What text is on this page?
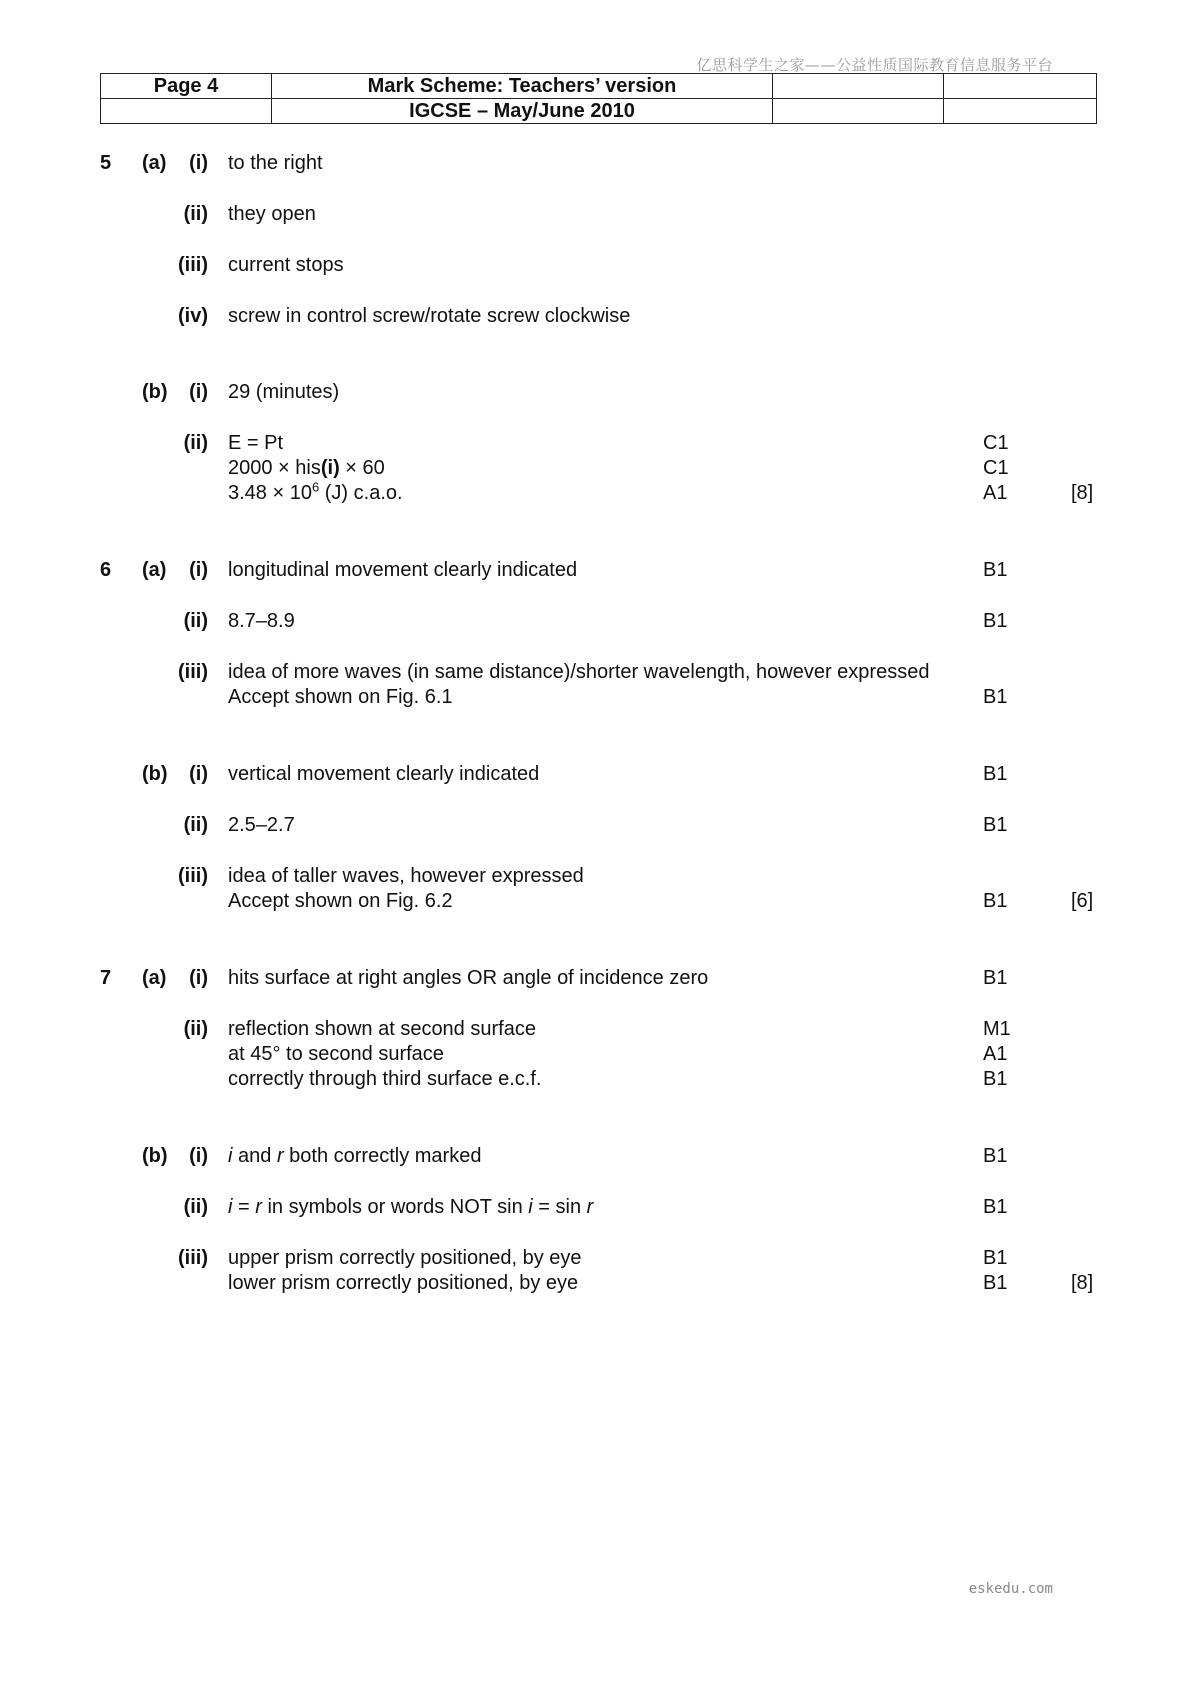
亿思科学生之家——公益性质国际教育信息服务平台
Page 4	Mark Scheme: Teachers’ version		
	IGCSE – May/June 2010		
5 (a)	(i) to the right
(ii) they open
(iii) current stops
(iv) screw in control screw/rotate screw clockwise
(b)	(i) 29 (minutes)
(ii) E = Pt	C1
2000 × his(i) × 60	C1
$3.48 \times 10^6$ (J) c.a.o.	A1	[8]
6 (a)	(i) longitudinal movement clearly indicated	B1
(ii) 8.7–8.9	B1
(iii) idea of more waves (in same distance)/shorter wavelength, however expressed
Accept shown on Fig. 6.1	B1
(b)	(i) vertical movement clearly indicated	B1
(ii) 2.5–2.7	B1
(iii) idea of taller waves, however expressed
Accept shown on Fig. 6.2	B1	[6]
7 (a)	(i) hits surface at right angles OR angle of incidence zero	B1
(ii) reflection shown at second surface	M1
at 45° to second surface	A1
correctly through third surface e.c.f.	B1
(b)	(i) i and r both correctly marked	B1
(ii) i = r in symbols or words NOT sin i = sin r	B1
(iii) upper prism correctly positioned, by eye	B1
lower prism correctly positioned, by eye	B1	[8]
eskedu.com
